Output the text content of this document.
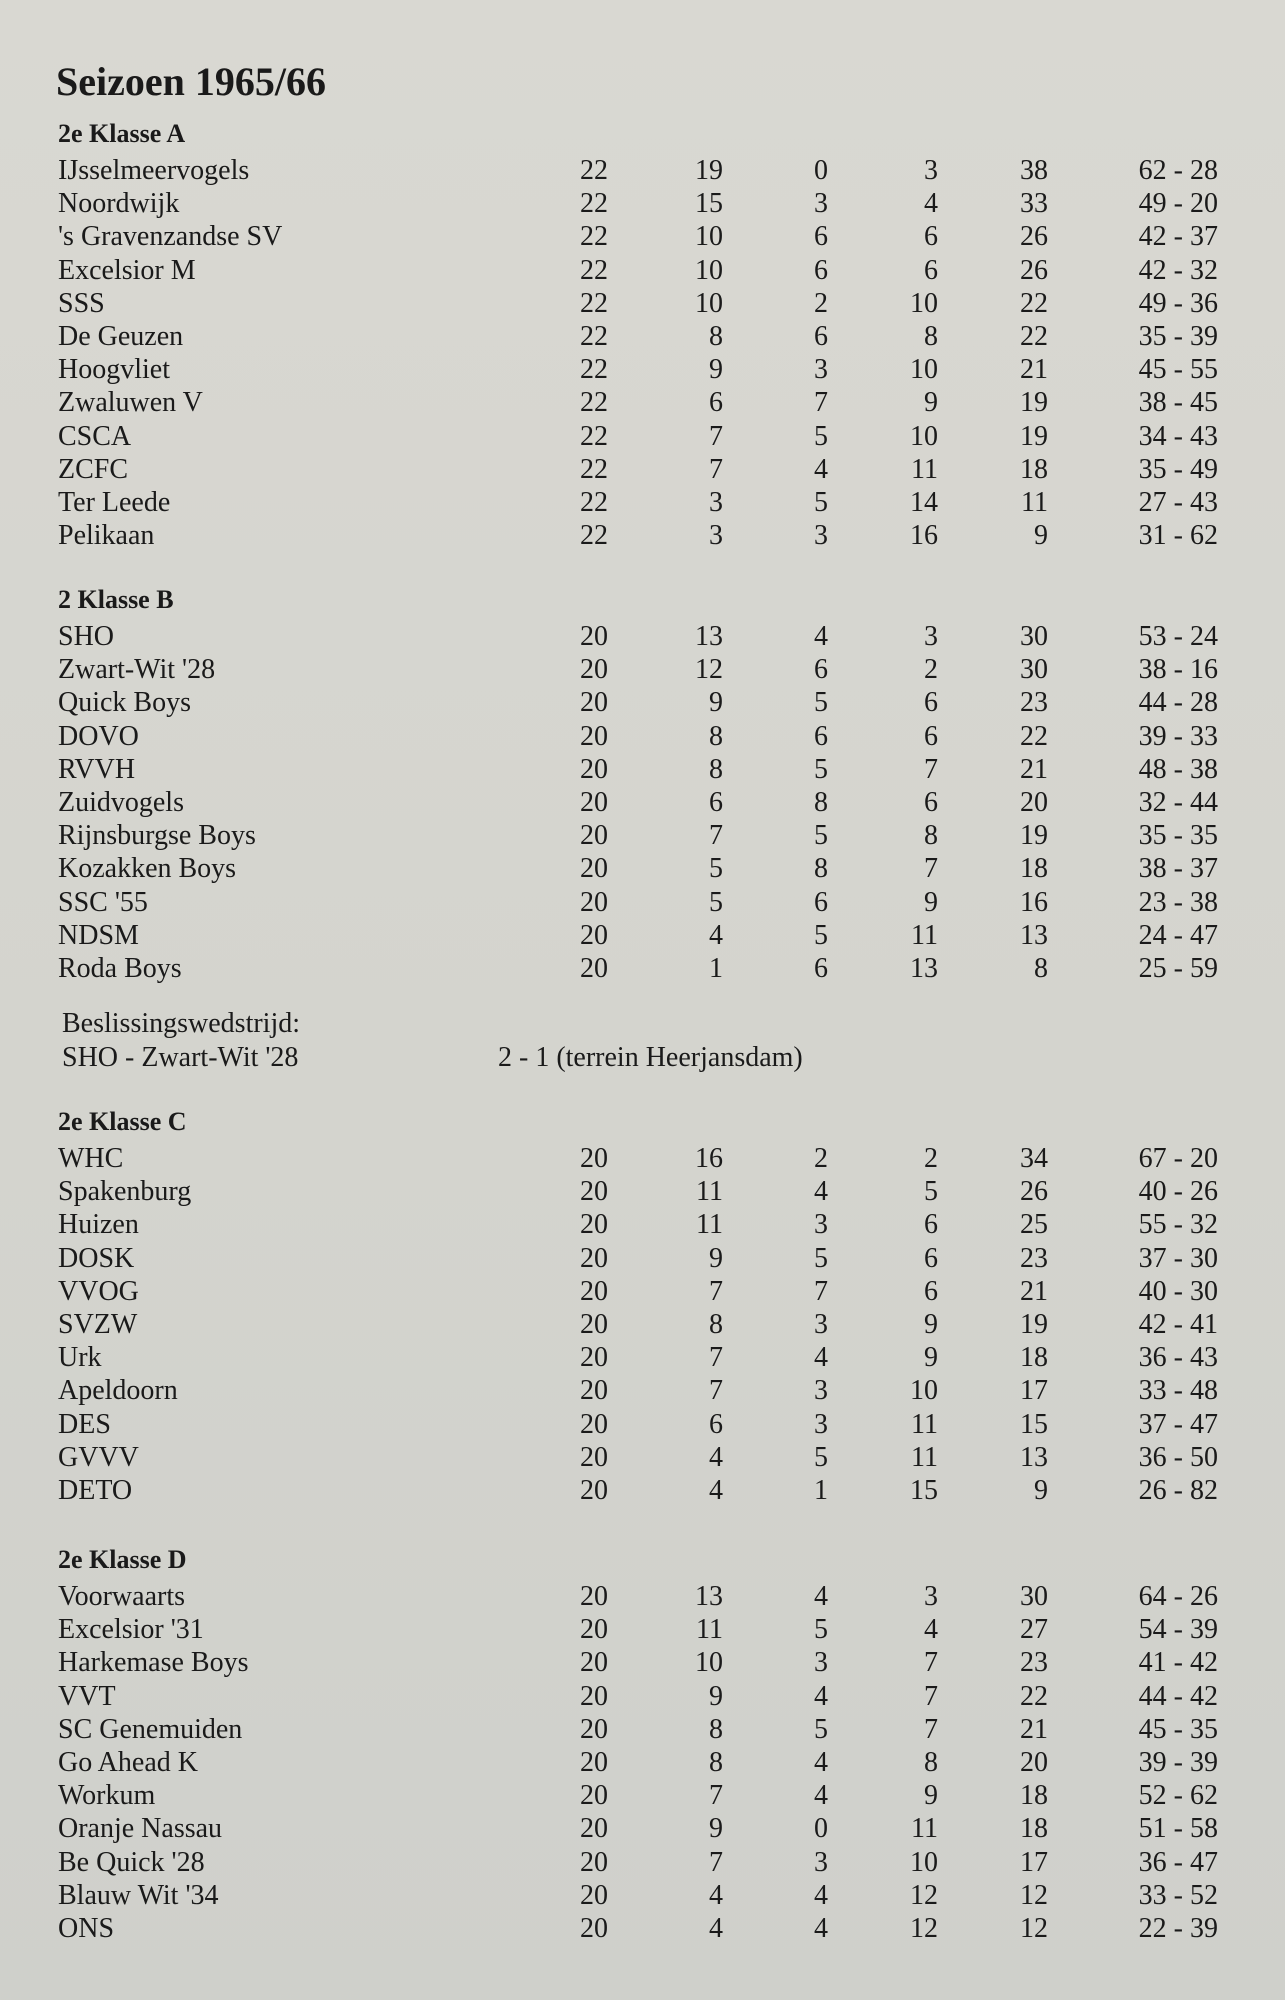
Seizoen 1965/66
2e Klasse A
IJsselmeervogels	22	19	0	3	38	62 - 28
Noordwijk	22	15	3	4	33	49 - 20
's Gravenzandse SV	22	10	6	6	26	42 - 37
Excelsior M	22	10	6	6	26	42 - 32
SSS	22	10	2	10	22	49 - 36
De Geuzen	22	8	6	8	22	35 - 39
Hoogvliet	22	9	3	10	21	45 - 55
Zwaluwen V	22	6	7	9	19	38 - 45
CSCA	22	7	5	10	19	34 - 43
ZCFC	22	7	4	11	18	35 - 49
Ter Leede	22	3	5	14	11	27 - 43
Pelikaan	22	3	3	16	9	31 - 62
2 Klasse B
SHO	20	13	4	3	30	53 - 24
Zwart-Wit '28	20	12	6	2	30	38 - 16
Quick Boys	20	9	5	6	23	44 - 28
DOVO	20	8	6	6	22	39 - 33
RVVH	20	8	5	7	21	48 - 38
Zuidvogels	20	6	8	6	20	32 - 44
Rijnsburgse Boys	20	7	5	8	19	35 - 35
Kozakken Boys	20	5	8	7	18	38 - 37
SSC '55	20	5	6	9	16	23 - 38
NDSM	20	4	5	11	13	24 - 47
Roda Boys	20	1	6	13	8	25 - 59
Beslissingswedstrijd:
SHO - Zwart-Wit '28	2 - 1 (terrein Heerjansdam)
2e Klasse C
WHC	20	16	2	2	34	67 - 20
Spakenburg	20	11	4	5	26	40 - 26
Huizen	20	11	3	6	25	55 - 32
DOSK	20	9	5	6	23	37 - 30
VVOG	20	7	7	6	21	40 - 30
SVZW	20	8	3	9	19	42 - 41
Urk	20	7	4	9	18	36 - 43
Apeldoorn	20	7	3	10	17	33 - 48
DES	20	6	3	11	15	37 - 47
GVVV	20	4	5	11	13	36 - 50
DETO	20	4	1	15	9	26 - 82
2e Klasse D
Voorwaarts	20	13	4	3	30	64 - 26
Excelsior '31	20	11	5	4	27	54 - 39
Harkemase Boys	20	10	3	7	23	41 - 42
VVT	20	9	4	7	22	44 - 42
SC Genemuiden	20	8	5	7	21	45 - 35
Go Ahead K	20	8	4	8	20	39 - 39
Workum	20	7	4	9	18	52 - 62
Oranje Nassau	20	9	0	11	18	51 - 58
Be Quick '28	20	7	3	10	17	36 - 47
Blauw Wit '34	20	4	4	12	12	33 - 52
ONS	20	4	4	12	12	22 - 39
